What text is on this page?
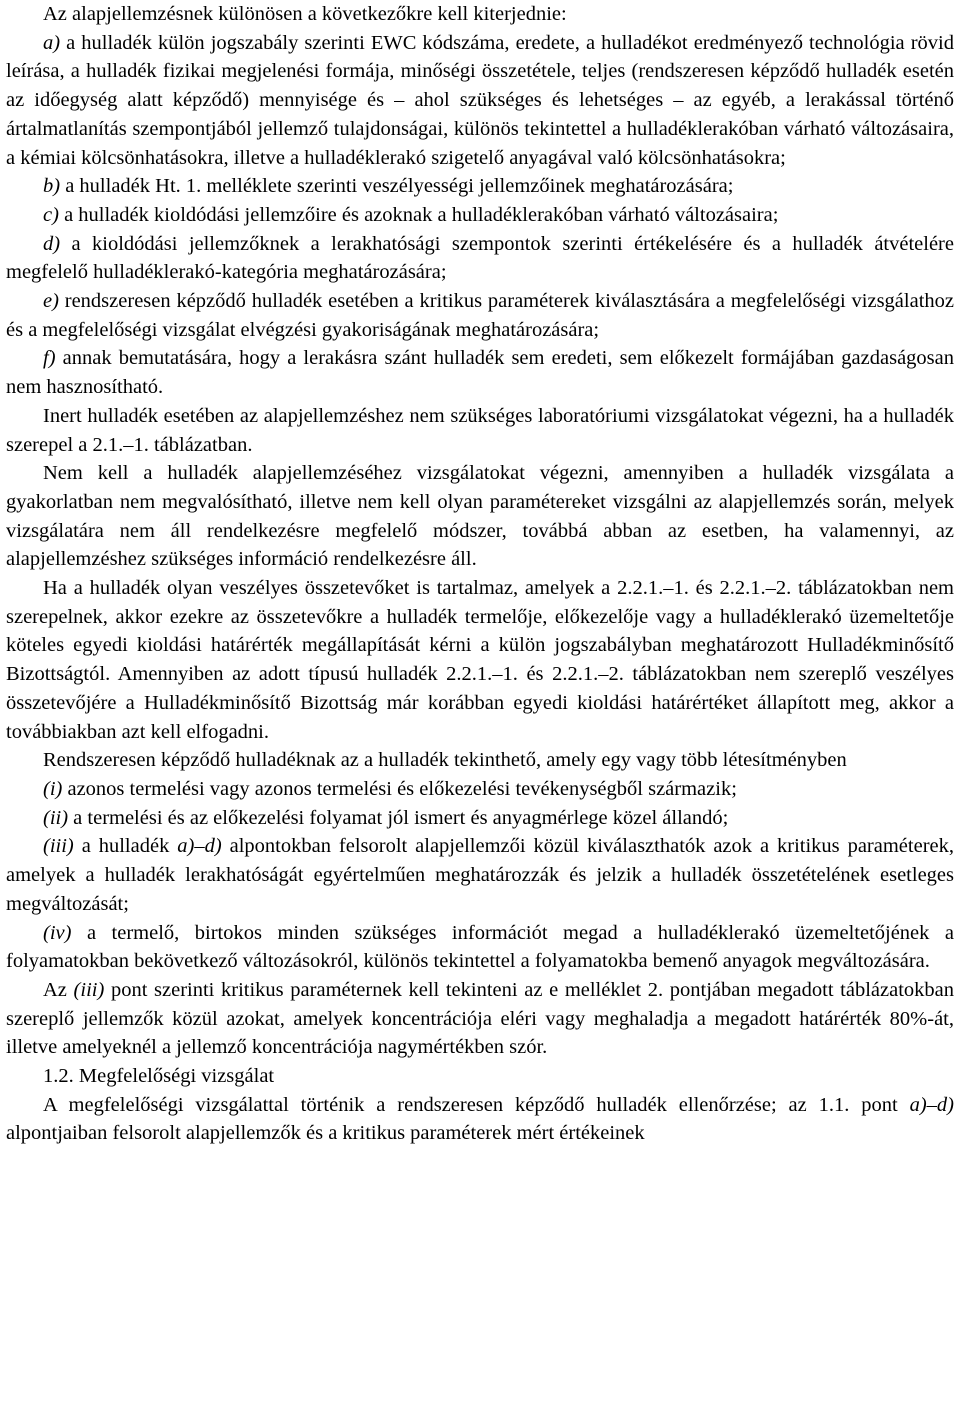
Az alapjellemzésnek különösen a következőkre kell kiterjednie:

a) a hulladék külön jogszabály szerinti EWC kódszáma, eredete, a hulladékot eredményező technológia rövid leírása, a hulladék fizikai megjelenési formája, minőségi összetétele, teljes (rendszeresen képződő hulladék esetén az időegység alatt képződő) mennyisége és – ahol szükséges és lehetséges – az egyéb, a lerakással történő ártalmatlanítás szempontjából jellemző tulajdonságai, különös tekintettel a hulladéklerakóban várható változásaira, a kémiai kölcsönhatásokra, illetve a hulladéklerakó szigetelő anyagával való kölcsönhatásokra;

b) a hulladék Ht. 1. melléklete szerinti veszélyességi jellemzőinek meghatározására;

c) a hulladék kioldódási jellemzőire és azoknak a hulladéklerakóban várható változásaira;

d) a kioldódási jellemzőknek a lerakhatósági szempontok szerinti értékelésére és a hulladék átvételére megfelelő hulladéklerakó-kategória meghatározására;

e) rendszeresen képződő hulladék esetében a kritikus paraméterek kiválasztására a megfelelőségi vizsgálathoz és a megfelelőségi vizsgálat elvégzési gyakoriságának meghatározására;

f) annak bemutatására, hogy a lerakásra szánt hulladék sem eredeti, sem előkezelt formájában gazdaságosan nem hasznosítható.

Inert hulladék esetében az alapjellemzéshez nem szükséges laboratóriumi vizsgálatokat végezni, ha a hulladék szerepel a 2.1.–1. táblázatban.

Nem kell a hulladék alapjellemzéséhez vizsgálatokat végezni, amennyiben a hulladék vizsgálata a gyakorlatban nem megvalósítható, illetve nem kell olyan paramétereket vizsgálni az alapjellemzés során, melyek vizsgálatára nem áll rendelkezésre megfelelő módszer, továbbá abban az esetben, ha valamennyi, az alapjellemzéshez szükséges információ rendelkezésre áll.

Ha a hulladék olyan veszélyes összetevőket is tartalmaz, amelyek a 2.2.1.–1. és 2.2.1.–2. táblázatokban nem szerepelnek, akkor ezekre az összetevőkre a hulladék termelője, előkezelője vagy a hulladéklerakó üzemeltetője köteles egyedi kioldási határérték megállapítását kérni a külön jogszabályban meghatározott Hulladékminősítő Bizottságtól. Amennyiben az adott típusú hulladék 2.2.1.–1. és 2.2.1.–2. táblázatokban nem szereplő veszélyes összetevőjére a Hulladékminősítő Bizottság már korábban egyedi kioldási határértéket állapított meg, akkor a továbbiakban azt kell elfogadni.

Rendszeresen képződő hulladéknak az a hulladék tekinthető, amely egy vagy több létesítményben

(i) azonos termelési vagy azonos termelési és előkezelési tevékenységből származik;

(ii) a termelési és az előkezelési folyamat jól ismert és anyagmérlege közel állandó;

(iii) a hulladék a)–d) alpontokban felsorolt alapjellemzői közül kiválaszthatók azok a kritikus paraméterek, amelyek a hulladék lerakhatóságát egyértelműen meghatározzák és jelzik a hulladék összetételének esetleges megváltozását;

(iv) a termelő, birtokos minden szükséges információt megad a hulladéklerakó üzemeltetőjének a folyamatokban bekövetkező változásokról, különös tekintettel a folyamatokba bemenő anyagok megváltozására.

Az (iii) pont szerinti kritikus paraméternek kell tekinteni az e melléklet 2. pontjában megadott táblázatokban szereplő jellemzők közül azokat, amelyek koncentrációja eléri vagy meghaladja a megadott határérték 80%-át, illetve amelyeknél a jellemző koncentrációja nagymértékben szór.

1.2. Megfelelőségi vizsgálat

A megfelelőségi vizsgálattal történik a rendszeresen képződő hulladék ellenőrzése; az 1.1. pont a)–d) alpontjaiban felsorolt alapjellemzők és a kritikus paraméterek mért értékeinek
